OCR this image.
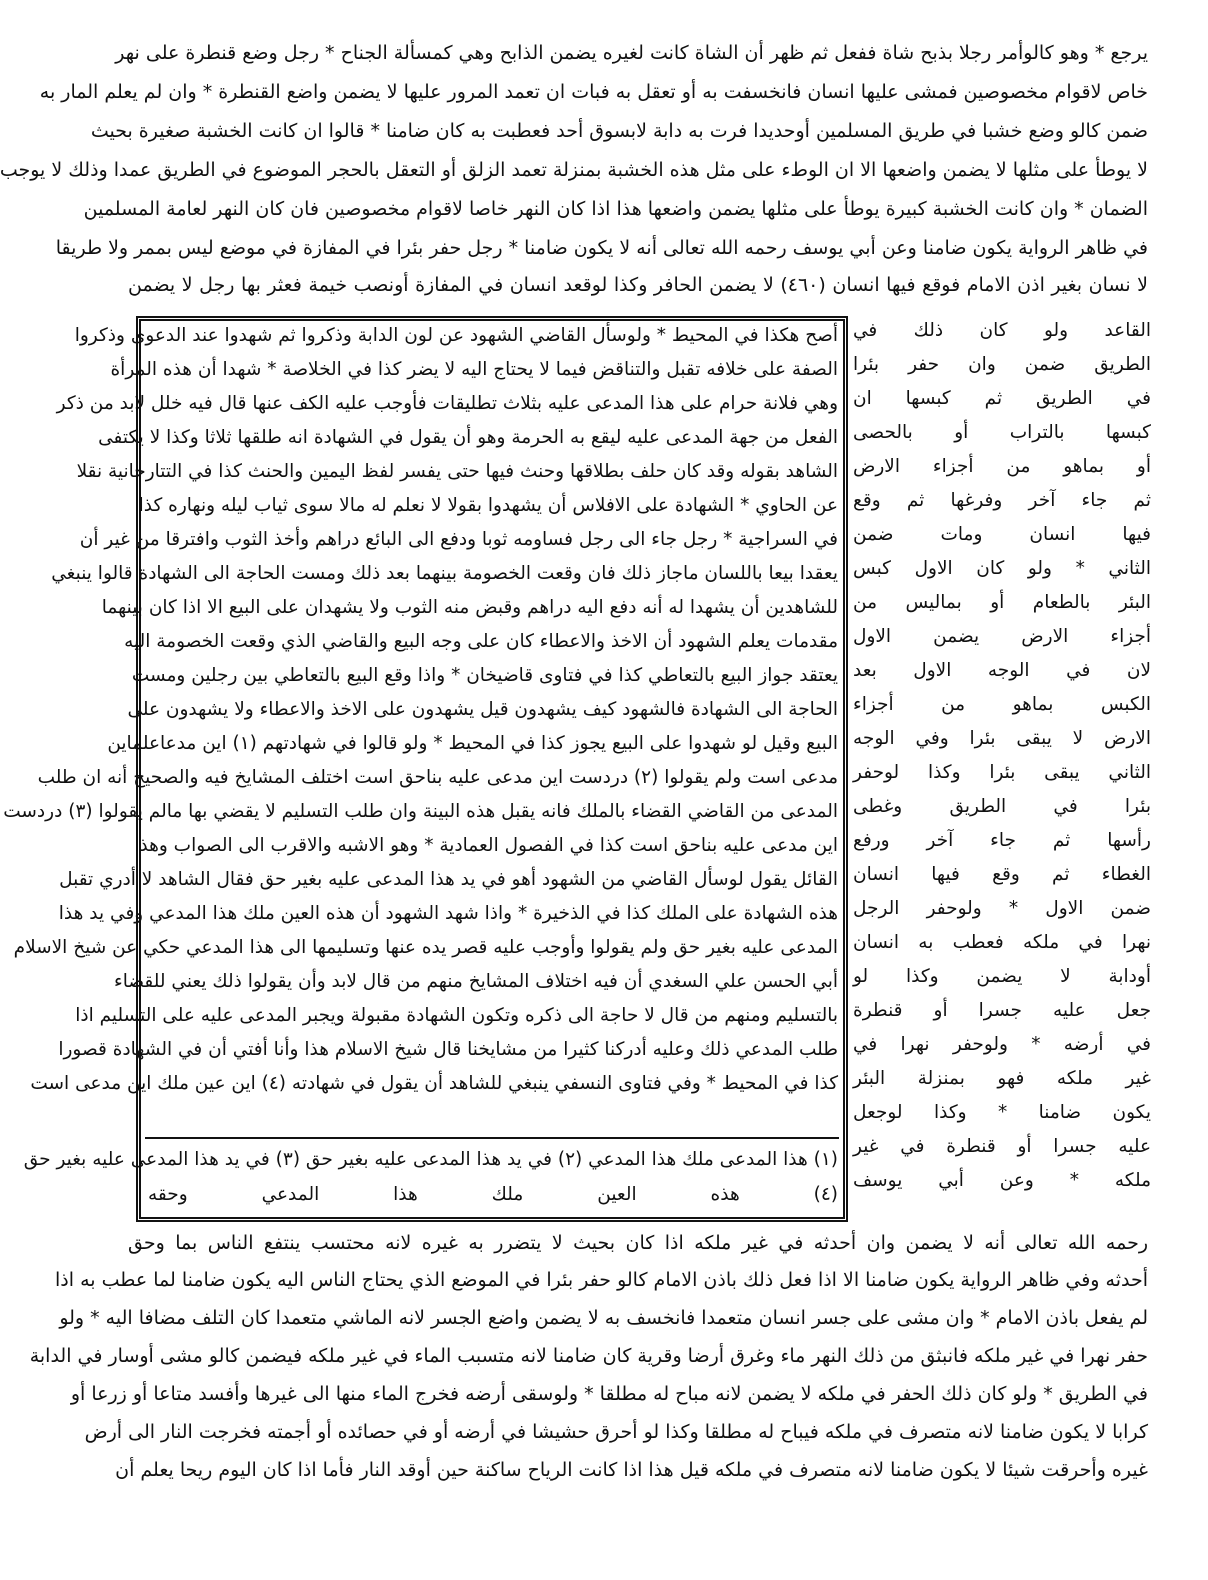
يرجع * وهو كالوأمر رجلا بذبح شاة ففعل ثم ظهر أن الشاة كانت لغيره يضمن الذابح وهي كمسألة الجناح * رجل وضع قنطرة على نهر
خاص لاقوام مخصوصين فمشى عليها انسان فانخسفت به أو تعقل به فبات ان تعمد المرور عليها لا يضمن واضع القنطرة * وان لم يعلم المار به
ضمن كالو وضع خشبا في طريق المسلمين أوحديدا فرت به دابة لابسوق أحد فعطبت به كان ضامنا * قالوا ان كانت الخشبة صغيرة بحيث
لا يوطأ على مثلها لا يضمن واضعها الا ان الوطء على مثل هذه الخشبة بمنزلة تعمد الزلق أو التعقل بالحجر الموضوع في الطريق عمدا وذلك لا يوجب
الضمان * وان كانت الخشبة كبيرة يوطأ على مثلها يضمن واضعها هذا اذا كان النهر خاصا لاقوام مخصوصين فان كان النهر لعامة المسلمين
في ظاهر الرواية يكون ضامنا وعن أبي يوسف رحمه الله تعالى أنه لا يكون ضامنا * رجل حفر بئرا في المفازة في موضع ليس بممر ولا طريقا
لا نسان بغير اذن الامام فوقع فيها انسان (٤٦٠) لا يضمن الحافر وكذا لوقعد انسان في المفازة أونصب خيمة فعثر بها رجل لا يضمن
أصح هكذا في المحيط * ولوسأل القاضي الشهود عن لون الدابة وذكروا ثم شهدوا عند الدعوى وذكروا
الصفة على خلافه تقبل والتناقض فيما لا يحتاج اليه لا يضر كذا في الخلاصة * شهدا أن هذه المرأة
وهي فلانة حرام على هذا المدعى عليه بثلاث تطليقات فأوجب عليه الكف عنها قال فيه خلل لابد من ذكر
الفعل من جهة المدعى عليه ليقع به الحرمة وهو أن يقول في الشهادة انه طلقها ثلاثا وكذا لا يكتفى
الشاهد بقوله وقد كان حلف بطلاقها وحنث فيها حتى يفسر لفظ اليمين والحنث كذا في التتارخانية نقلا
عن الحاوي * الشهادة على الافلاس أن يشهدوا بقولا لا نعلم له مالا سوى ثياب ليله ونهاره كذا
في السراجية * رجل جاء الى رجل فساومه ثوبا ودفع الى البائع دراهم وأخذ الثوب وافترقا من غير أن
يعقدا بيعا باللسان ماجاز ذلك فان وقعت الخصومة بينهما بعد ذلك ومست الحاجة الى الشهادة قالوا ينبغي
للشاهدين أن يشهدا له أنه دفع اليه دراهم وقبض منه الثوب ولا يشهدان على البيع الا اذا كان بينهما
مقدمات يعلم الشهود أن الاخذ والاعطاء كان على وجه البيع والقاضي الذي وقعت الخصومة اليه
يعتقد جواز البيع بالتعاطي كذا في فتاوى قاضيخان * واذا وقع البيع بالتعاطي بين رجلين ومست
الحاجة الى الشهادة فالشهود كيف يشهدون قيل يشهدون على الاخذ والاعطاء ولا يشهدون على
البيع وقيل لو شهدوا على البيع يجوز كذا في المحيط * ولو قالوا في شهادتهم (١) اين مدعاعلماين
مدعى است ولم يقولوا (٢) دردست اين مدعى عليه بناحق است اختلف المشايخ فيه والصحيح أنه ان طلب
المدعى من القاضي القضاء بالملك فانه يقبل هذه البينة وان طلب التسليم لا يقضي بها مالم يقولوا (٣) دردست
اين مدعى عليه بناحق است كذا في الفصول العمادية * وهو الاشبه والاقرب الى الصواب وهذا
القائل يقول لوسأل القاضي من الشهود أهو في يد هذا المدعى عليه بغير حق فقال الشاهد لا أدري تقبل
هذه الشهادة على الملك كذا في الذخيرة * واذا شهد الشهود أن هذه العين ملك هذا المدعي وفي يد هذا
المدعى عليه بغير حق ولم يقولوا وأوجب عليه قصر يده عنها وتسليمها الى هذا المدعي حكي عن شيخ الاسلام
أبي الحسن علي السغدي أن فيه اختلاف المشايخ منهم من قال لابد وأن يقولوا ذلك يعني للقضاء
بالتسليم ومنهم من قال لا حاجة الى ذكره وتكون الشهادة مقبولة ويجبر المدعى عليه على التسليم اذا
طلب المدعي ذلك وعليه أدركنا كثيرا من مشايخنا قال شيخ الاسلام هذا وأنا أفتي أن في الشهادة قصورا
كذا في المحيط * وفي فتاوى النسفي ينبغي للشاهد أن يقول في شهادته (٤) اين عين ملك اين مدعى است
(١) هذا المدعى ملك هذا المدعي (٢) في يد هذا المدعى عليه بغير حق (٣) في يد هذا المدعى عليه بغير حق
(٤) هذه العين ملك هذا المدعي وحقه
القاعد ولو كان ذلك في
الطريق ضمن وان حفر بئرا
في الطريق ثم كبسها ان
كبسها بالتراب أو بالحصى
أو بماهو من أجزاء الارض
ثم جاء آخر وفرغها ثم وقع
فيها انسان ومات ضمن
الثاني * ولو كان الاول كبس
البئر بالطعام أو بماليس من
أجزاء الارض يضمن الاول
لان في الوجه الاول بعد
الكبس بماهو من أجزاء
الارض لا يبقى بئرا وفي الوجه
الثاني يبقى بئرا وكذا لوحفر
بئرا في الطريق وغطى
رأسها ثم جاء آخر ورفع
الغطاء ثم وقع فيها انسان
ضمن الاول * ولوحفر الرجل
نهرا في ملكه فعطب به انسان
أودابة لا يضمن وكذا لو
جعل عليه جسرا أو قنطرة
في أرضه * ولوحفر نهرا في
غير ملكه فهو بمنزلة البئر
يكون ضامنا * وكذا لوجعل
عليه جسرا أو قنطرة في غير
ملكه * وعن أبي يوسف
رحمه الله تعالى أنه لا يضمن وان أحدثه في غير ملكه اذا كان بحيث لا يتضرر به غيره لانه محتسب ينتفع الناس بما وحق
أحدثه وفي ظاهر الرواية يكون ضامنا الا اذا فعل ذلك باذن الامام كالو حفر بئرا في الموضع الذي يحتاج الناس اليه يكون ضامنا لما عطب به اذا
لم يفعل باذن الامام * وان مشى على جسر انسان متعمدا فانخسف به لا يضمن واضع الجسر لانه الماشي متعمدا كان التلف مضافا اليه * ولو
حفر نهرا في غير ملكه فانبثق من ذلك النهر ماء وغرق أرضا وقرية كان ضامنا لانه متسبب الماء في غير ملكه فيضمن كالو مشى أوسار في الدابة
في الطريق * ولو كان ذلك الحفر في ملكه لا يضمن لانه مباح له مطلقا * ولوسقى أرضه فخرج الماء منها الى غيرها وأفسد متاعا أو زرعا أو
كرابا لا يكون ضامنا لانه متصرف في ملكه فيباح له مطلقا وكذا لو أحرق حشيشا في أرضه أو في حصائده أو أجمته فخرجت النار الى أرض
غيره وأحرقت شيئا لا يكون ضامنا لانه متصرف في ملكه قيل هذا اذا كانت الرياح ساكنة حين أوقد النار فأما اذا كان اليوم ريحا يعلم أن
